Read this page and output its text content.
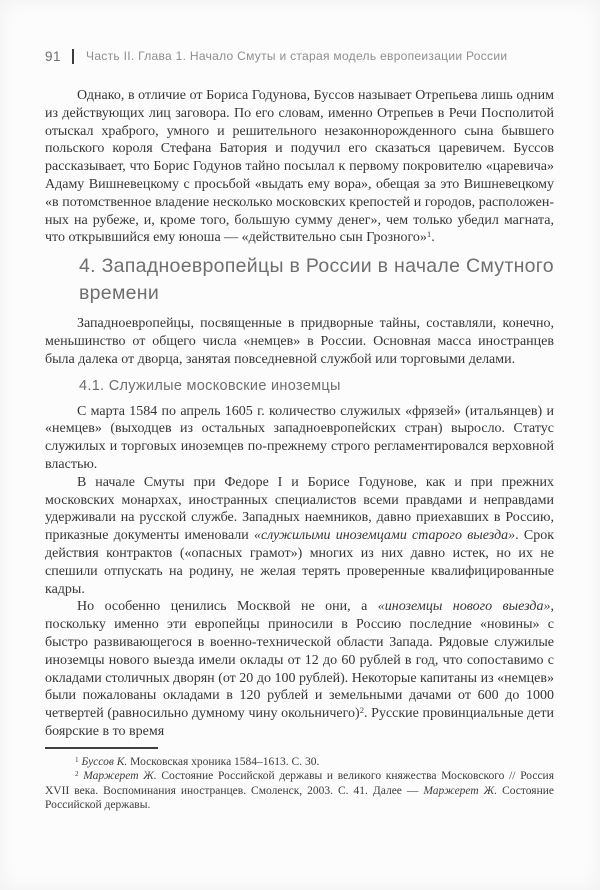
91 Часть II. Глава 1. Начало Смуты и старая модель европеизации России

Однако, в отличие от Бориса Годунова, Буссов называет Отрепьева лишь одним из действующих лиц заговора. По его словам, именно Отрепьев в Речи Посполитой отыскал храброго, умного и решительного незаконнорожденного сына бывшего польского короля Стефана Батория и подучил его сказаться царевичем. Буссов рассказывает, что Борис Годунов тайно посылал к первому покровителю «царевича» Адаму Вишневецкому с просьбой «выдать ему вора», обещая за это Вишневецкому «в потомственное владение несколько московских крепостей и городов, расположенных на рубеже, и, кроме того, большую сумму денег», чем только убедил магната, что открывшийся ему юноша — «действительно сын Грозного»$^1$.

4. Западноевропейцы в России в начале Смутного времени

Западноевропейцы, посвященные в придворные тайны, составляли, конечно, меньшинство от общего числа «немцев» в России. Основная масса иностранцев была далека от дворца, занятая повседневной службой или торговыми делами.

4.1. Служилые московские иноземцы

С марта 1584 по апрель 1605 г. количество служилых «фрязей» (итальянцев) и «немцев» (выходцев из остальных западноевропейских стран) выросло. Статус служилых и торговых иноземцев по-прежнему строго регламентировался верховной властью.

В начале Смуты при Федоре I и Борисе Годунове, как и при прежних московских монархах, иностранных специалистов всеми правдами и неправдами удерживали на русской службе. Западных наемников, давно приехавших в Россию, приказные документы именовали «служилыми иноземцами старого выезда». Срок действия контрактов («опасных грамот») многих из них давно истек, но их не спешили отпускать на родину, не желая терять проверенные квалифицированные кадры.

Но особенно ценились Москвой не они, а «иноземцы нового выезда», поскольку именно эти европейцы приносили в Россию последние «новины» с быстро развивающегося в военно-технической области Запада. Рядовые служилые иноземцы нового выезда имели оклады от 12 до 60 рублей в год, что сопоставимо с окладами столичных дворян (от 20 до 100 рублей). Некоторые капитаны из «немцев» были пожалованы окладами в 120 рублей и земельными дачами от 600 до 1000 четвертей (равносильно думному чину окольничего)$^2$. Русские провинциальные дети боярские в то время

$^1$ Буссов К. Московская хроника 1584–1613. С. 30.

$^2$ Маржерет Ж. Состояние Российской державы и великого княжества Московского // Россия XVII века. Воспоминания иностранцев. Смоленск, 2003. С. 41. Далее — Маржерет Ж. Состояние Российской державы.
